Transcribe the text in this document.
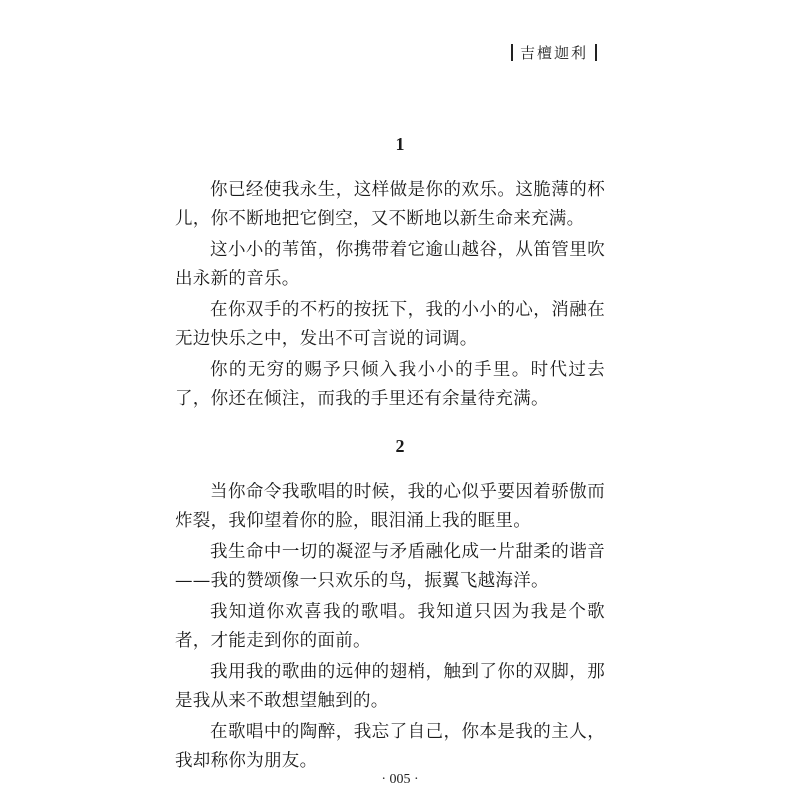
吉檀迦利
1

你已经使我永生，这样做是你的欢乐。这脆薄的杯儿，你不断地把它倒空，又不断地以新生命来充满。

这小小的苇笛，你携带着它逾山越谷，从笛管里吹出永新的音乐。

在你双手的不朽的按抚下，我的小小的心，消融在无边快乐之中，发出不可言说的词调。

你的无穷的赐予只倾入我小小的手里。时代过去了，你还在倾注，而我的手里还有余量待充满。

2

当你命令我歌唱的时候，我的心似乎要因着骄傲而炸裂，我仰望着你的脸，眼泪涌上我的眶里。

我生命中一切的凝涩与矛盾融化成一片甜柔的谐音——我的赞颂像一只欢乐的鸟，振翼飞越海洋。

我知道你欢喜我的歌唱。我知道只因为我是个歌者，才能走到你的面前。

我用我的歌曲的远伸的翅梢，触到了你的双脚，那是我从来不敢想望触到的。

在歌唱中的陶醉，我忘了自己，你本是我的主人，我却称你为朋友。

· 005 ·
